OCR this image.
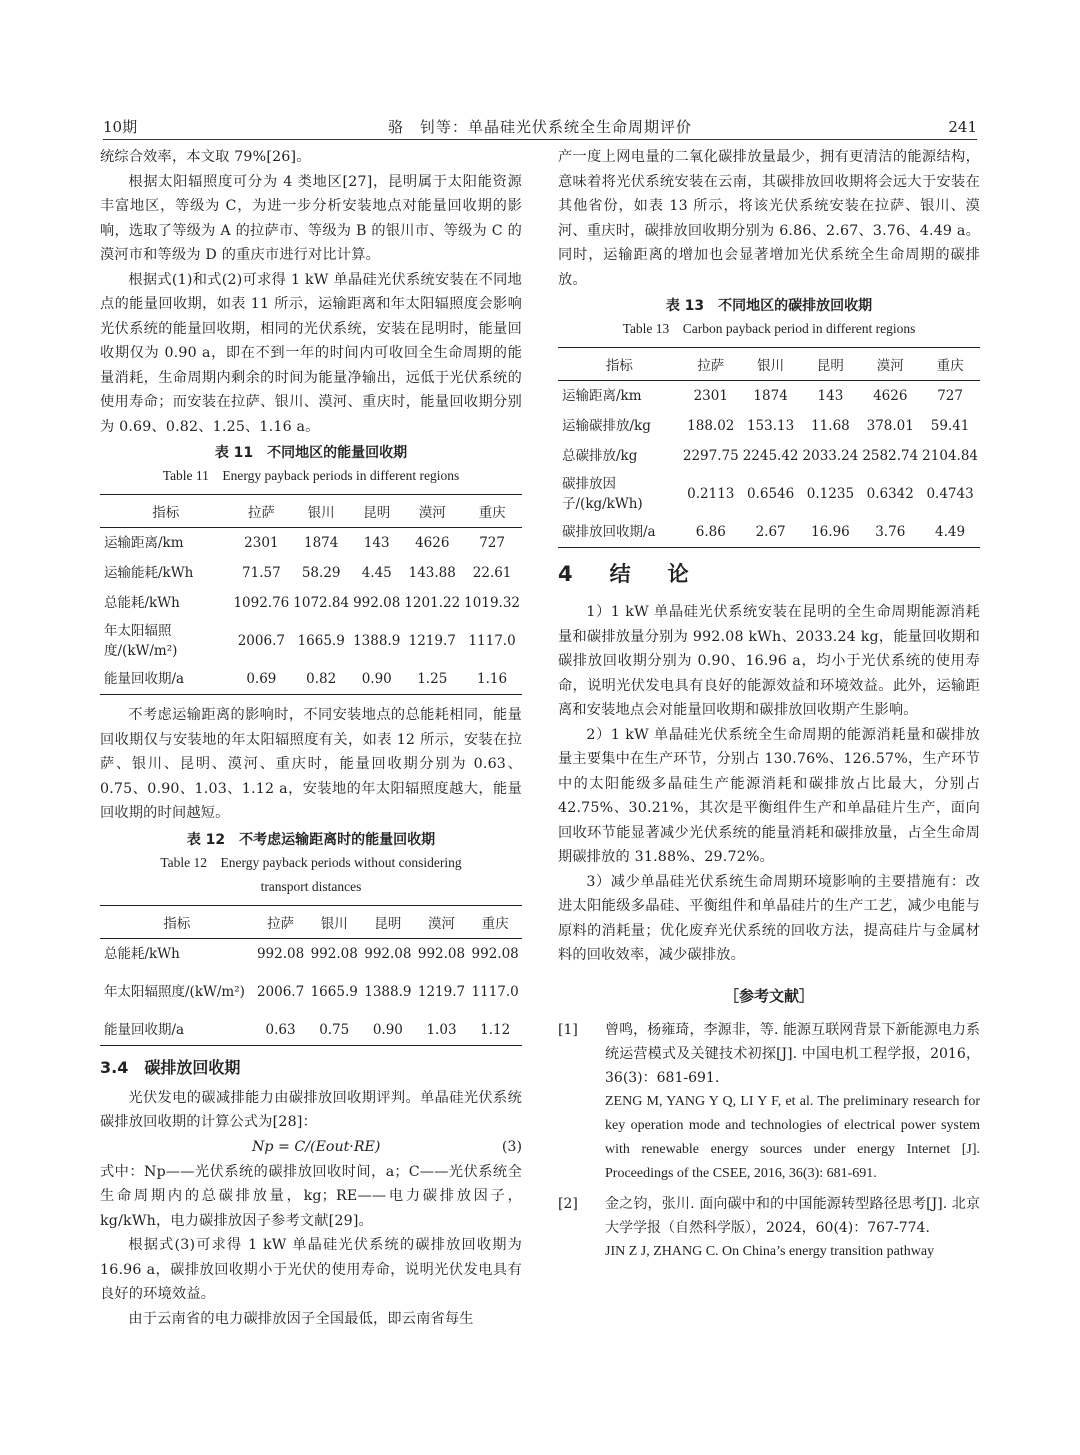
10期	骆　钊等：单晶硅光伏系统全生命周期评价	241

统综合效率，本文取 79%[26]。

根据太阳辐照度可分为 4 类地区[27]，昆明属于太阳能资源丰富地区，等级为 C，为进一步分析安装地点对能量回收期的影响，选取了等级为 A 的拉萨市、等级为 B 的银川市、等级为 C 的漠河市和等级为 D 的重庆市进行对比计算。

根据式(1)和式(2)可求得 1 kW 单晶硅光伏系统安装在不同地点的能量回收期，如表 11 所示，运输距离和年太阳辐照度会影响光伏系统的能量回收期，相同的光伏系统，安装在昆明时，能量回收期仅为 0.90 a，即在不到一年的时间内可收回全生命周期的能量消耗，生命周期内剩余的时间为能量净输出，远低于光伏系统的使用寿命；而安装在拉萨、银川、漠河、重庆时，能量回收期分别为 0.69、0.82、1.25、1.16 a。

表 11　不同地区的能量回收期
Table 11　Energy payback periods in different regions
指标	拉萨	银川	昆明	漠河	重庆
运输距离/km	2301	1874	143	4626	727
运输能耗/kWh	71.57	58.29	4.45	143.88	22.61
总能耗/kWh	1092.76	1072.84	992.08	1201.22	1019.32
年太阳辐照度/(kW/m²)	2006.7	1665.9	1388.9	1219.7	1117.0
能量回收期/a	0.69	0.82	0.90	1.25	1.16

不考虑运输距离的影响时，不同安装地点的总能耗相同，能量回收期仅与安装地的年太阳辐照度有关，如表 12 所示，安装在拉萨、银川、昆明、漠河、重庆时，能量回收期分别为 0.63、0.75、0.90、1.03、1.12 a，安装地的年太阳辐照度越大，能量回收期的时间越短。

表 12　不考虑运输距离时的能量回收期
Table 12　Energy payback periods without considering
transport distances
指标	拉萨	银川	昆明	漠河	重庆
总能耗/kWh	992.08	992.08	992.08	992.08	992.08
年太阳辐照度/(kW/m²)	2006.7	1665.9	1388.9	1219.7	1117.0
能量回收期/a	0.63	0.75	0.90	1.03	1.12
3.4　碳排放回收期

光伏发电的碳减排能力由碳排放回收期评判。单晶硅光伏系统碳排放回收期的计算公式为[28]：

Np = C/(Eout·RE)	(3)

式中：Np——光伏系统的碳排放回收时间，a；C——光伏系统全生命周期内的总碳排放量，kg；RE——电力碳排放因子，kg/kWh，电力碳排放因子参考文献[29]。

根据式(3)可求得 1 kW 单晶硅光伏系统的碳排放回收期为 16.96 a，碳排放回收期小于光伏的使用寿命，说明光伏发电具有良好的环境效益。

由于云南省的电力碳排放因子全国最低，即云南省每生

产一度上网电量的二氧化碳排放量最少，拥有更清洁的能源结构，意味着将光伏系统安装在云南，其碳排放回收期将会远大于安装在其他省份，如表 13 所示，将该光伏系统安装在拉萨、银川、漠河、重庆时，碳排放回收期分别为 6.86、2.67、3.76、4.49 a。同时，运输距离的增加也会显著增加光伏系统全生命周期的碳排放。

表 13　不同地区的碳排放回收期
Table 13　Carbon payback period in different regions
指标	拉萨	银川	昆明	漠河	重庆
运输距离/km	2301	1874	143	4626	727
运输碳排放/kg	188.02	153.13	11.68	378.01	59.41
总碳排放/kg	2297.75	2245.42	2033.24	2582.74	2104.84
碳排放因子/(kg/kWh)	0.2113	0.6546	0.1235	0.6342	0.4743
碳排放回收期/a	6.86	2.67	16.96	3.76	4.49
4　结　论

1）1 kW 单晶硅光伏系统安装在昆明的全生命周期能源消耗量和碳排放量分别为 992.08 kWh、2033.24 kg，能量回收期和碳排放回收期分别为 0.90、16.96 a，均小于光伏系统的使用寿命，说明光伏发电具有良好的能源效益和环境效益。此外，运输距离和安装地点会对能量回收期和碳排放回收期产生影响。

2）1 kW 单晶硅光伏系统全生命周期的能源消耗量和碳排放量主要集中在生产环节，分别占 130.76%、126.57%，生产环节中的太阳能级多晶硅生产能源消耗和碳排放占比最大，分别占 42.75%、30.21%，其次是平衡组件生产和单晶硅片生产，面向回收环节能显著减少光伏系统的能量消耗和碳排放量，占全生命周期碳排放的 31.88%、29.72%。

3）减少单晶硅光伏系统生命周期环境影响的主要措施有：改进太阳能级多晶硅、平衡组件和单晶硅片的生产工艺，减少电能与原料的消耗量；优化废弃光伏系统的回收方法，提高硅片与金属材料的回收效率，减少碳排放。

［参考文献］
[1] 曾鸣，杨雍琦，李源非，等. 能源互联网背景下新能源电力系统运营模式及关键技术初探[J]. 中国电机工程学报，2016，36(3)：681-691.
ZENG M, YANG Y Q, LI Y F, et al. The preliminary research for key operation mode and technologies of electrical power system with renewable energy sources under energy Internet [J]. Proceedings of the CSEE, 2016, 36(3): 681-691.
[2] 金之钧，张川. 面向碳中和的中国能源转型路径思考[J]. 北京大学学报（自然科学版），2024，60(4)：767-774.
JIN Z J, ZHANG C. On China’s energy transition pathway
